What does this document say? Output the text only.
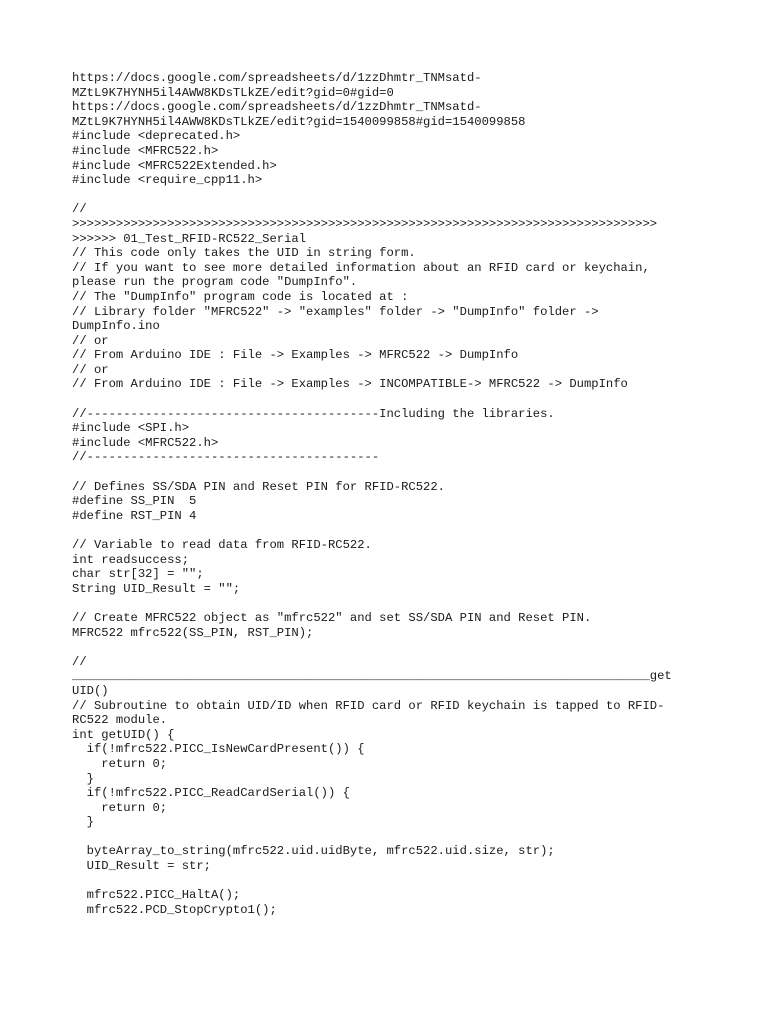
https://docs.google.com/spreadsheets/d/1zzDhmtr_TNMsatd-
MZtL9K7HYNH5il4AWW8KDsTLkZE/edit?gid=0#gid=0
https://docs.google.com/spreadsheets/d/1zzDhmtr_TNMsatd-
MZtL9K7HYNH5il4AWW8KDsTLkZE/edit?gid=1540099858#gid=1540099858
#include <deprecated.h>
#include <MFRC522.h>
#include <MFRC522Extended.h>
#include <require_cpp11.h>
//
>>>>>>>>>>>>>>>>>>>>>>>>>>>>>>>>>>>>>>>>>>>>>>>>>>>>>>>>>>>>>>>>>>>>>>>>>>>>>>>>
>>>>>> 01_Test_RFID-RC522_Serial
// This code only takes the UID in string form.
// If you want to see more detailed information about an RFID card or keychain,
please run the program code "DumpInfo".
// The "DumpInfo" program code is located at :
// Library folder "MFRC522" -> "examples" folder -> "DumpInfo" folder ->
DumpInfo.ino
// or
// From Arduino IDE : File -> Examples -> MFRC522 -> DumpInfo
// or
// From Arduino IDE : File -> Examples -> INCOMPATIBLE-> MFRC522 -> DumpInfo
//----------------------------------------Including the libraries.
#include <SPI.h>
#include <MFRC522.h>
//----------------------------------------
// Defines SS/SDA PIN and Reset PIN for RFID-RC522.
#define SS_PIN  5
#define RST_PIN 4
// Variable to read data from RFID-RC522.
int readsuccess;
char str[32] = "";
String UID_Result = "";
// Create MFRC522 object as "mfrc522" and set SS/SDA PIN and Reset PIN.
MFRC522 mfrc522(SS_PIN, RST_PIN);
//
_______________________________________________________________________________get
UID()
// Subroutine to obtain UID/ID when RFID card or RFID keychain is tapped to RFID-
RC522 module.
int getUID() {
if(!mfrc522.PICC_IsNewCardPresent()) {
return 0;
}
if(!mfrc522.PICC_ReadCardSerial()) {
return 0;
}
byteArray_to_string(mfrc522.uid.uidByte, mfrc522.uid.size, str);
UID_Result = str;
mfrc522.PICC_HaltA();
mfrc522.PCD_StopCrypto1();
